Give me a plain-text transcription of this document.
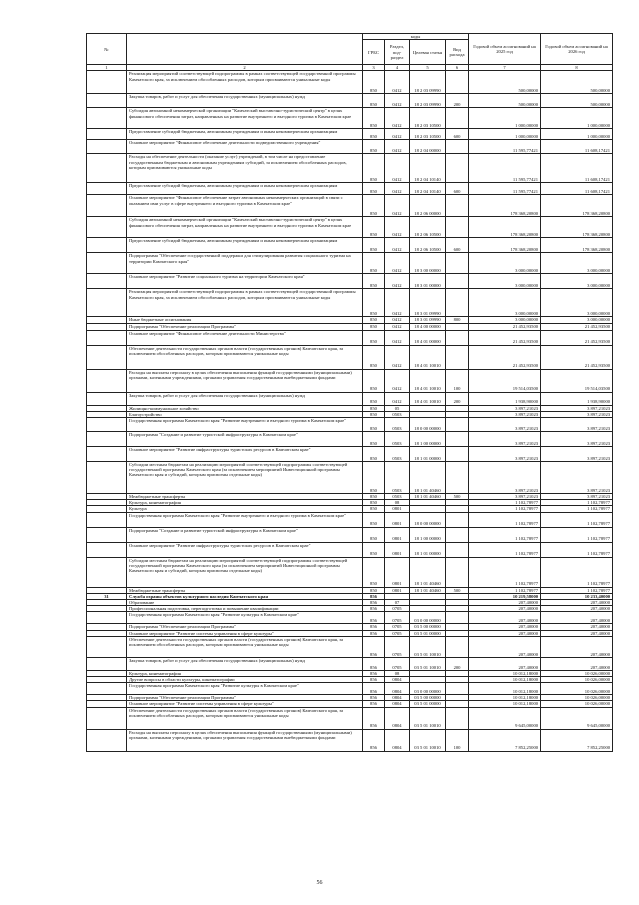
№		коды				Годовой объем ассигнований на 2025 год	Годовой объем ассигнований на 2026 год
		ГРБС	Раздел, под-раздел	Целевая статья	Вид расхода		
1	2	3	4	5	6	7	8
	Реализация мероприятий соответствующей подпрограммы в рамках соответствующей государственной программы Камчатского края, за исключением обособленных расходов, которым присваиваются уникальные коды	850	0412	18 2 03 09990		500,00000	500,00000
	Закупка товаров, работ и услуг для обеспечения государственных (муниципальных) нужд	850	0412	18 2 03 09990	200	500,00000	500,00000
	Субсидия автономной некоммерческой организации "Камчатский выставочно-туристический центр" в целях финансового обеспечения затрат, направленных на развитие внутреннего и въездного туризма в Камчатском крае	850	0412	18 2 03 10500		1 000,00000	1 000,00000
	Предоставление субсидий бюджетным, автономным учреждениям и иным некоммерческим организациям	850	0412	18 2 03 10500	600	1 000,00000	1 000,00000
	Основное мероприятие "Финансовое обеспечение деятельности подведомственного учреждения"	850	0412	18 2 04 00000		11 595,77421	11 608,17421
	Расходы на обеспечение деятельности (оказание услуг) учреждений, в том числе на предоставление государственным бюджетным и автономным учреждениям субсидий, за исключением обособленных расходов, которым присваиваются уникальные коды	850	0412	18 2 04 10140		11 595,77421	11 608,17421
	Предоставление субсидий бюджетным, автономным учреждениям и иным некоммерческим организациям	850	0412	18 2 04 10140	600	11 595,77421	11 608,17421
	Основное мероприятие "Финансовое обеспечение затрат автономных некоммерческих организаций в связи с оказанием ими услуг в сфере внутреннего и въездного туризма в Камчатском крае"	850	0412	18 2 06 00000		178 368,20800	178 368,20800
	Субсидия автономной некоммерческой организации "Камчатский выставочно-туристический центр" в целях финансового обеспечения затрат, направленных на развитие внутреннего и въездного туризма в Камчатском крае	850	0412	18 2 06 10500		178 368,20800	178 368,20800
	Предоставление субсидий бюджетным, автономным учреждениям и иным некоммерческим организациям	850	0412	18 2 06 10500	600	178 368,20800	178 368,20800
	Подпрограмма "Обеспечение государственной поддержки для стимулирования развития социального туризма на территории Камчатского края"	850	0412	18 3 00 00000		3 000,00000	3 000,00000
	Основное мероприятие "Развитие социального туризма на территории Камчатского края"	850	0412	18 3 01 00000		3 000,00000	3 000,00000
	Реализация мероприятий соответствующей подпрограммы в рамках соответствующей государственной программы Камчатского края, за исключением обособленных расходов, которым присваиваются уникальные коды	850	0412	18 3 01 09990		3 000,00000	3 000,00000
	Иные бюджетные ассигнования	850	0412	18 3 01 09990	800	3 000,00000	3 000,00000
	Подпрограмма "Обеспечение реализации Программы"	850	0412	18 4 00 00000		21 452,93500	21 452,93500
	Основное мероприятие "Финансовое обеспечение деятельности Министерства"	850	0412	18 4 01 00000		21 452,93500	21 452,93500
	Обеспечение деятельности государственных органов власти (государственных органов) Камчатского края, за исключением обособленных расходов, которым присваиваются уникальные коды	850	0412	18 4 01 10010		21 452,93500	21 452,93500
	Расходы на выплаты персоналу в целях обеспечения выполнения функций государственными (муниципальными) органами, казенными учреждениями, органами управления государственными внебюджетными фондами	850	0412	18 4 01 10010	100	19 514,03500	19 514,03500
	Закупка товаров, работ и услуг для обеспечения государственных (муниципальных) нужд	850	0412	18 4 01 10010	200	1 938,90000	1 938,90000
	Жилищно-коммунальное хозяйство	850	05			3 897,21023	3 897,21023
	Благоустройство	850	0503			3 897,21023	3 897,21023
	Государственная программа Камчатского края "Развитие внутреннего и въездного туризма в Камчатском крае"	850	0503	18 0 00 00000		3 897,21023	3 897,21023
	Подпрограмма "Создание и развитие туристской инфраструктуры в Камчатском крае"	850	0503	18 1 00 00000		3 897,21023	3 897,21023
	Основное мероприятие "Развитие инфраструктуры туристских ресурсов в Камчатском крае"	850	0503	18 1 01 00000		3 897,21023	3 897,21023
	Субсидии местным бюджетам на реализацию мероприятий соответствующей подпрограммы соответствующей государственной программы Камчатского края (за исключением мероприятий Инвестиционной программы Камчатского края и субсидий, которым присвоены отдельные коды)	850	0503	18 1 01 40460		3 897,21023	3 897,21023
	Межбюджетные трансферты	850	0503	18 1 01 40460	500	3 897,21023	3 897,21023
	Культура, кинематография	850	08			1 102,78977	1 102,78977
	Культура	850	0801			1 102,78977	1 102,78977
	Государственная программа Камчатского края "Развитие внутреннего и въездного туризма в Камчатском крае"	850	0801	18 0 00 00000		1 102,78977	1 102,78977
	Подпрограмма "Создание и развитие туристской инфраструктуры в Камчатском крае"	850	0801	18 1 00 00000		1 102,78977	1 102,78977
	Основное мероприятие "Развитие инфраструктуры туристских ресурсов в Камчатском крае"	850	0801	18 1 01 00000		1 102,78977	1 102,78977
	Субсидии местным бюджетам на реализацию мероприятий соответствующей подпрограммы соответствующей государственной программы Камчатского края (за исключением мероприятий Инвестиционной программы Камчатского края и субсидий, которым присвоены отдельные коды)	850	0801	18 1 01 40460		1 102,78977	1 102,78977
	Межбюджетные трансферты	850	0801	18 1 01 40460	500	1 102,78977	1 102,78977
31	Служба охраны объектов культурного наследия Камчатского края	856				10 219,58000	10 233,40000
	Образование	856	07			207,40000	207,40000
	Профессиональная подготовка, переподготовка и повышение квалификации	856	0705			207,40000	207,40000
	Государственная программа Камчатского края "Развитие культуры в Камчатском крае"	856	0705	03 0 00 00000		207,40000	207,40000
	Подпрограмма "Обеспечение реализации Программы"	856	0705	03 5 00 00000		207,40000	207,40000
	Основное мероприятие "Развитие системы управления в сфере культуры"	856	0705	03 5 01 00000		207,40000	207,40000
	Обеспечение деятельности государственных органов власти (государственных органов) Камчатского края, за исключением обособленных расходов, которым присваиваются уникальные коды	856	0705	03 5 01 10010		207,40000	207,40000
	Закупка товаров, работ и услуг для обеспечения государственных (муниципальных) нужд	856	0705	03 5 01 10010	200	207,40000	207,40000
	Культура, кинематография	856	08			10 012,18000	10 026,00000
	Другие вопросы в области культуры, кинематографии	856	0804			10 012,18000	10 026,00000
	Государственная программа Камчатского края "Развитие культуры в Камчатском крае"	856	0804	03 0 00 00000		10 012,18000	10 026,00000
	Подпрограмма "Обеспечение реализации Программы"	856	0804	03 5 00 00000		10 012,18000	10 026,00000
	Основное мероприятие "Развитие системы управления в сфере культуры"	856	0804	03 5 01 00000		10 012,18000	10 026,00000
	Обеспечение деятельности государственных органов власти (государственных органов) Камчатского края, за исключением обособленных расходов, которым присваиваются уникальные коды	856	0804	03 5 01 10010		9 645,00000	9 645,00000
	Расходы на выплаты персоналу в целях обеспечения выполнения функций государственными (муниципальными) органами, казенными учреждениями, органами управления государственными внебюджетными фондами	856	0804	03 5 01 10010	100	7 852,25000	7 852,25000
56
